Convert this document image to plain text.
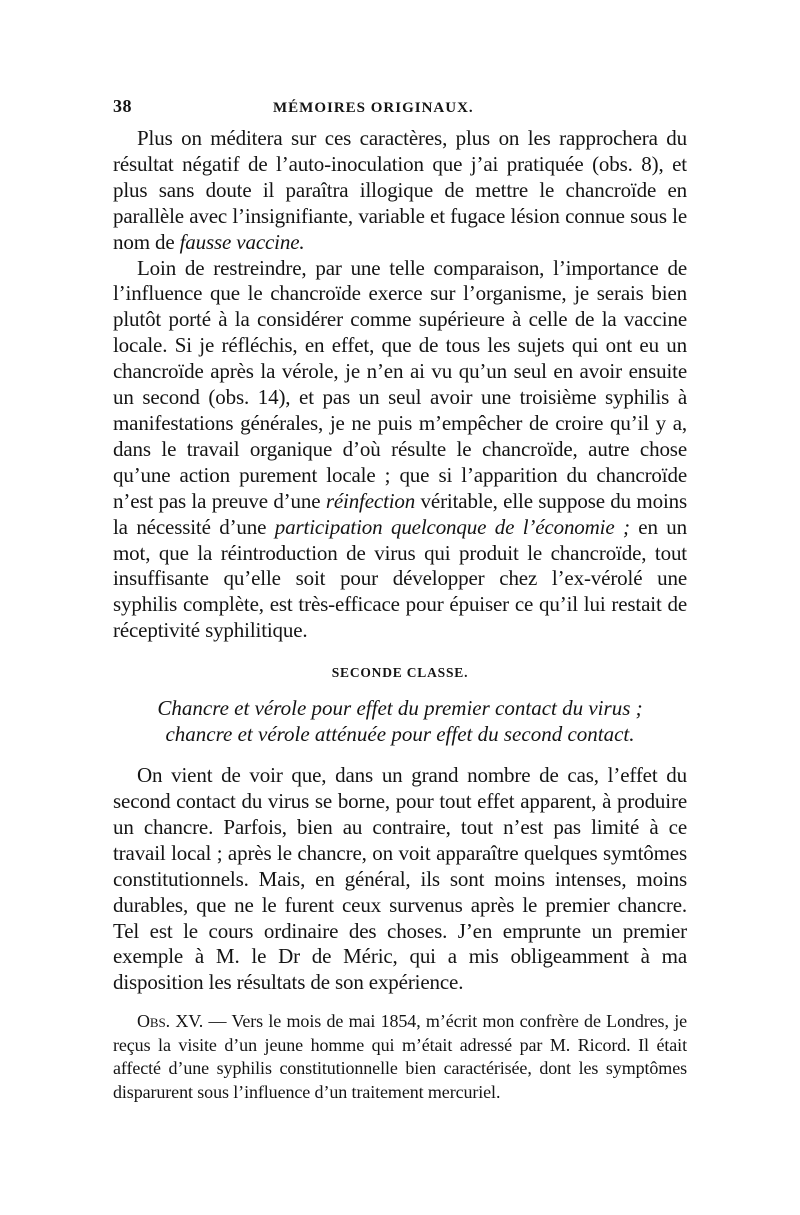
38	MÉMOIRES ORIGINAUX.

Plus on méditera sur ces caractères, plus on les rapprochera du résultat négatif de l’auto-inoculation que j’ai pratiquée (obs. 8), et plus sans doute il paraîtra illogique de mettre le chancroïde en parallèle avec l’insignifiante, variable et fugace lésion connue sous le nom de fausse vaccine.

Loin de restreindre, par une telle comparaison, l’importance de l’influence que le chancroïde exerce sur l’organisme, je serais bien plutôt porté à la considérer comme supérieure à celle de la vaccine locale. Si je réfléchis, en effet, que de tous les sujets qui ont eu un chancroïde après la vérole, je n’en ai vu qu’un seul en avoir ensuite un second (obs. 14), et pas un seul avoir une troisième syphilis à manifestations générales, je ne puis m’empêcher de croire qu’il y a, dans le travail organique d’où résulte le chancroïde, autre chose qu’une action purement locale ; que si l’apparition du chancroïde n’est pas la preuve d’une réinfection véritable, elle suppose du moins la nécessité d’une participation quelconque de l’économie ; en un mot, que la réintroduction de virus qui produit le chancroïde, tout insuffisante qu’elle soit pour développer chez l’ex-vérolé une syphilis complète, est très-efficace pour épuiser ce qu’il lui restait de réceptivité syphilitique.

SECONDE CLASSE.
Chancre et vérole pour effet du premier contact du virus ;
chancre et vérole atténuée pour effet du second contact.

On vient de voir que, dans un grand nombre de cas, l’effet du second contact du virus se borne, pour tout effet apparent, à produire un chancre. Parfois, bien au contraire, tout n’est pas limité à ce travail local ; après le chancre, on voit apparaître quelques symtômes constitutionnels. Mais, en général, ils sont moins intenses, moins durables, que ne le furent ceux survenus après le premier chancre. Tel est le cours ordinaire des choses. J’en emprunte un premier exemple à M. le Dr de Méric, qui a mis obligeamment à ma disposition les résultats de son expérience.

Obs. XV. — Vers le mois de mai 1854, m’écrit mon confrère de Londres, je reçus la visite d’un jeune homme qui m’était adressé par M. Ricord. Il était affecté d’une syphilis constitutionnelle bien caractérisée, dont les symptômes disparurent sous l’influence d’un traitement mercuriel.
